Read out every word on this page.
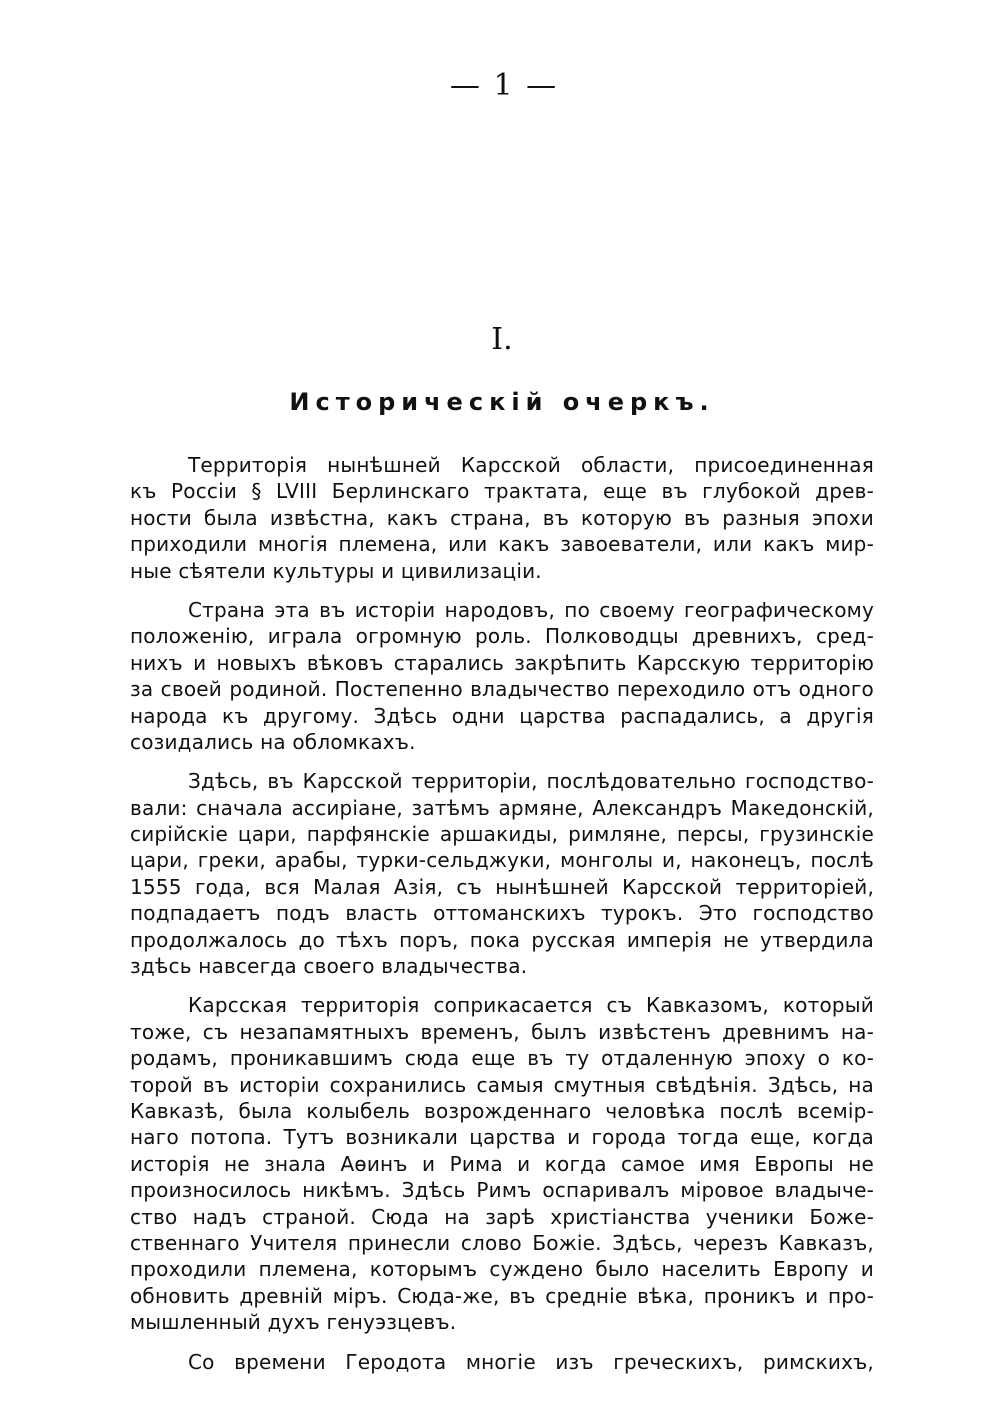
— 1 —
I.
Историческій очеркъ.
Территорія нынѣшней Карсской области, присоединенная
къ Россіи § LVIII Берлинскаго трактата, еще въ глубокой древ-
ности была извѣстна, какъ страна, въ которую въ разныя эпохи
приходили многія племена, или какъ завоеватели, или какъ мир-
ные сѣятели культуры и цивилизаціи.
Страна эта въ исторіи народовъ, по своему географическому
положенію, играла огромную роль. Полководцы древнихъ, сред-
нихъ и новыхъ вѣковъ старались закрѣпить Карсскую территорію
за своей родиной. Постепенно владычество переходило отъ одного
народа къ другому. Здѣсь одни царства распадались, а другія
созидались на обломкахъ.
Здѣсь, въ Карсской территоріи, послѣдовательно господство-
вали: сначала ассиріане, затѣмъ армяне, Александръ Македонскій,
сирійскіе цари, парфянскіе аршакиды, римляне, персы, грузинскіе
цари, греки, арабы, турки-сельджуки, монголы и, наконецъ, послѣ
1555 года, вся Малая Азія, съ нынѣшней Карсской территоріей,
подпадаетъ подъ власть оттоманскихъ турокъ. Это господство
продолжалось до тѣхъ поръ, пока русская имперія не утвердила
здѣсь навсегда своего владычества.
Карсская территорія соприкасается съ Кавказомъ, который
тоже, съ незапамятныхъ временъ, былъ извѣстенъ древнимъ на-
родамъ, проникавшимъ сюда еще въ ту отдаленную эпоху о ко-
торой въ исторіи сохранились самыя смутныя свѣдѣнія. Здѣсь, на
Кавказѣ, была колыбель возрожденнаго человѣка послѣ всемір-
наго потопа. Тутъ возникали царства и города тогда еще, когда
исторія не знала Аѳинъ и Рима и когда самое имя Европы не
произносилось никѣмъ. Здѣсь Римъ оспаривалъ міровое владычe-
ство надъ страной. Сюда на зарѣ христіанства ученики Боже-
ственнаго Учителя принесли слово Божіе. Здѣсь, черезъ Кавказъ,
проходили племена, которымъ суждено было населить Европу и
обновить древній міръ. Сюда-же, въ средніе вѣка, проникъ и про-
мышленный духъ генуэзцевъ.
Со времени Геродота многіе изъ греческихъ, римскихъ,
